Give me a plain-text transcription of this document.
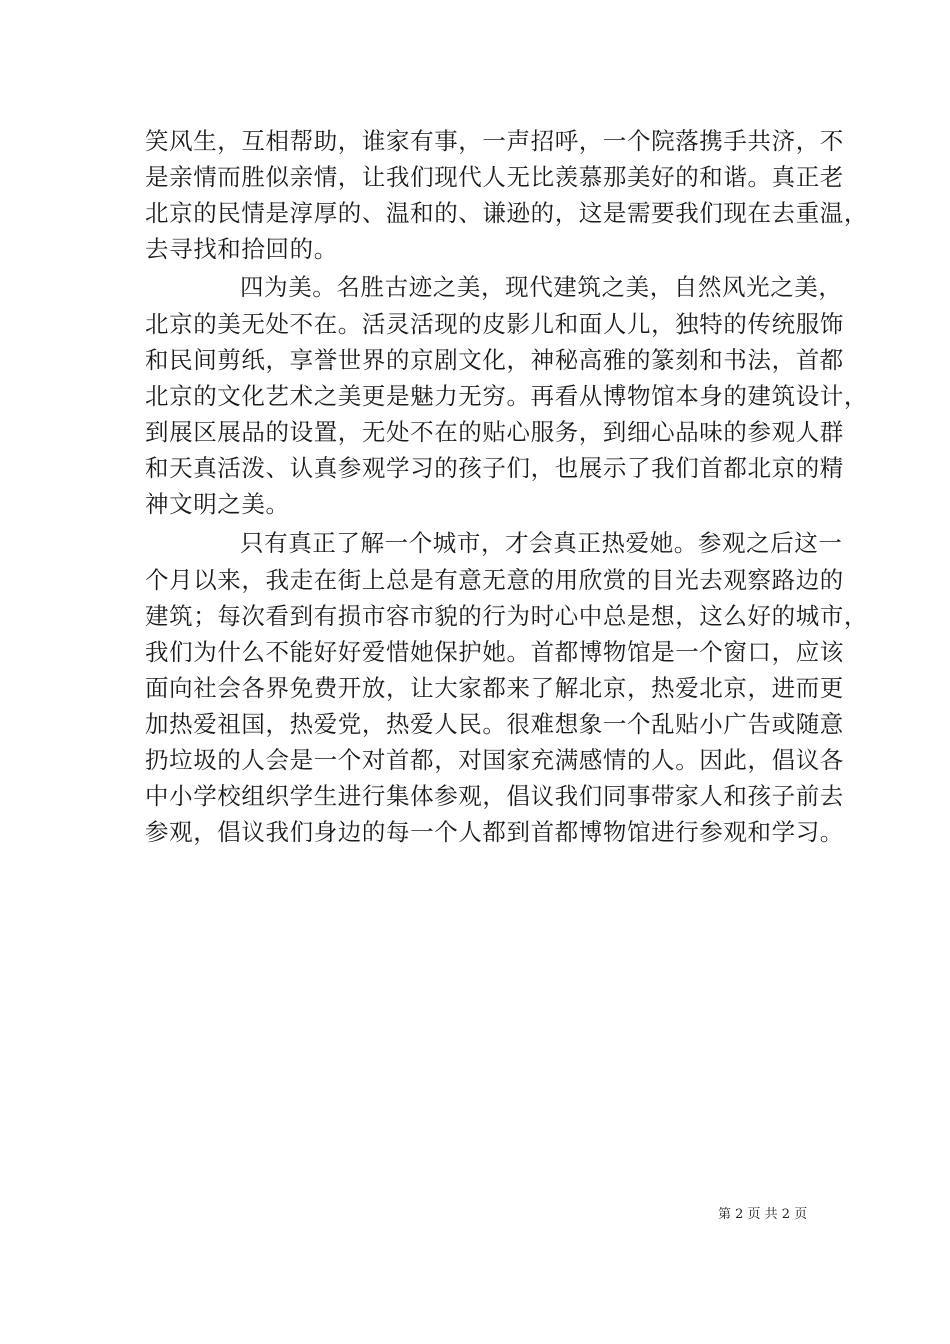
笑风生，互相帮助，谁家有事，一声招呼，一个院落携手共济，不
是亲情而胜似亲情，让我们现代人无比羡慕那美好的和谐。真正老
北京的民情是淳厚的、温和的、谦逊的，这是需要我们现在去重温，
去寻找和拾回的。
四为美。名胜古迹之美，现代建筑之美，自然风光之美，
北京的美无处不在。活灵活现的皮影儿和面人儿，独特的传统服饰
和民间剪纸，享誉世界的京剧文化，神秘高雅的篆刻和书法，首都
北京的文化艺术之美更是魅力无穷。再看从博物馆本身的建筑设计，
到展区展品的设置，无处不在的贴心服务，到细心品味的参观人群
和天真活泼、认真参观学习的孩子们，也展示了我们首都北京的精
神文明之美。
只有真正了解一个城市，才会真正热爱她。参观之后这一
个月以来，我走在街上总是有意无意的用欣赏的目光去观察路边的
建筑；每次看到有损市容市貌的行为时心中总是想，这么好的城市，
我们为什么不能好好爱惜她保护她。首都博物馆是一个窗口，应该
面向社会各界免费开放，让大家都来了解北京，热爱北京，进而更
加热爱祖国，热爱党，热爱人民。很难想象一个乱贴小广告或随意
扔垃圾的人会是一个对首都，对国家充满感情的人。因此，倡议各
中小学校组织学生进行集体参观，倡议我们同事带家人和孩子前去
参观，倡议我们身边的每一个人都到首都博物馆进行参观和学习。
第 2 页 共 2 页
